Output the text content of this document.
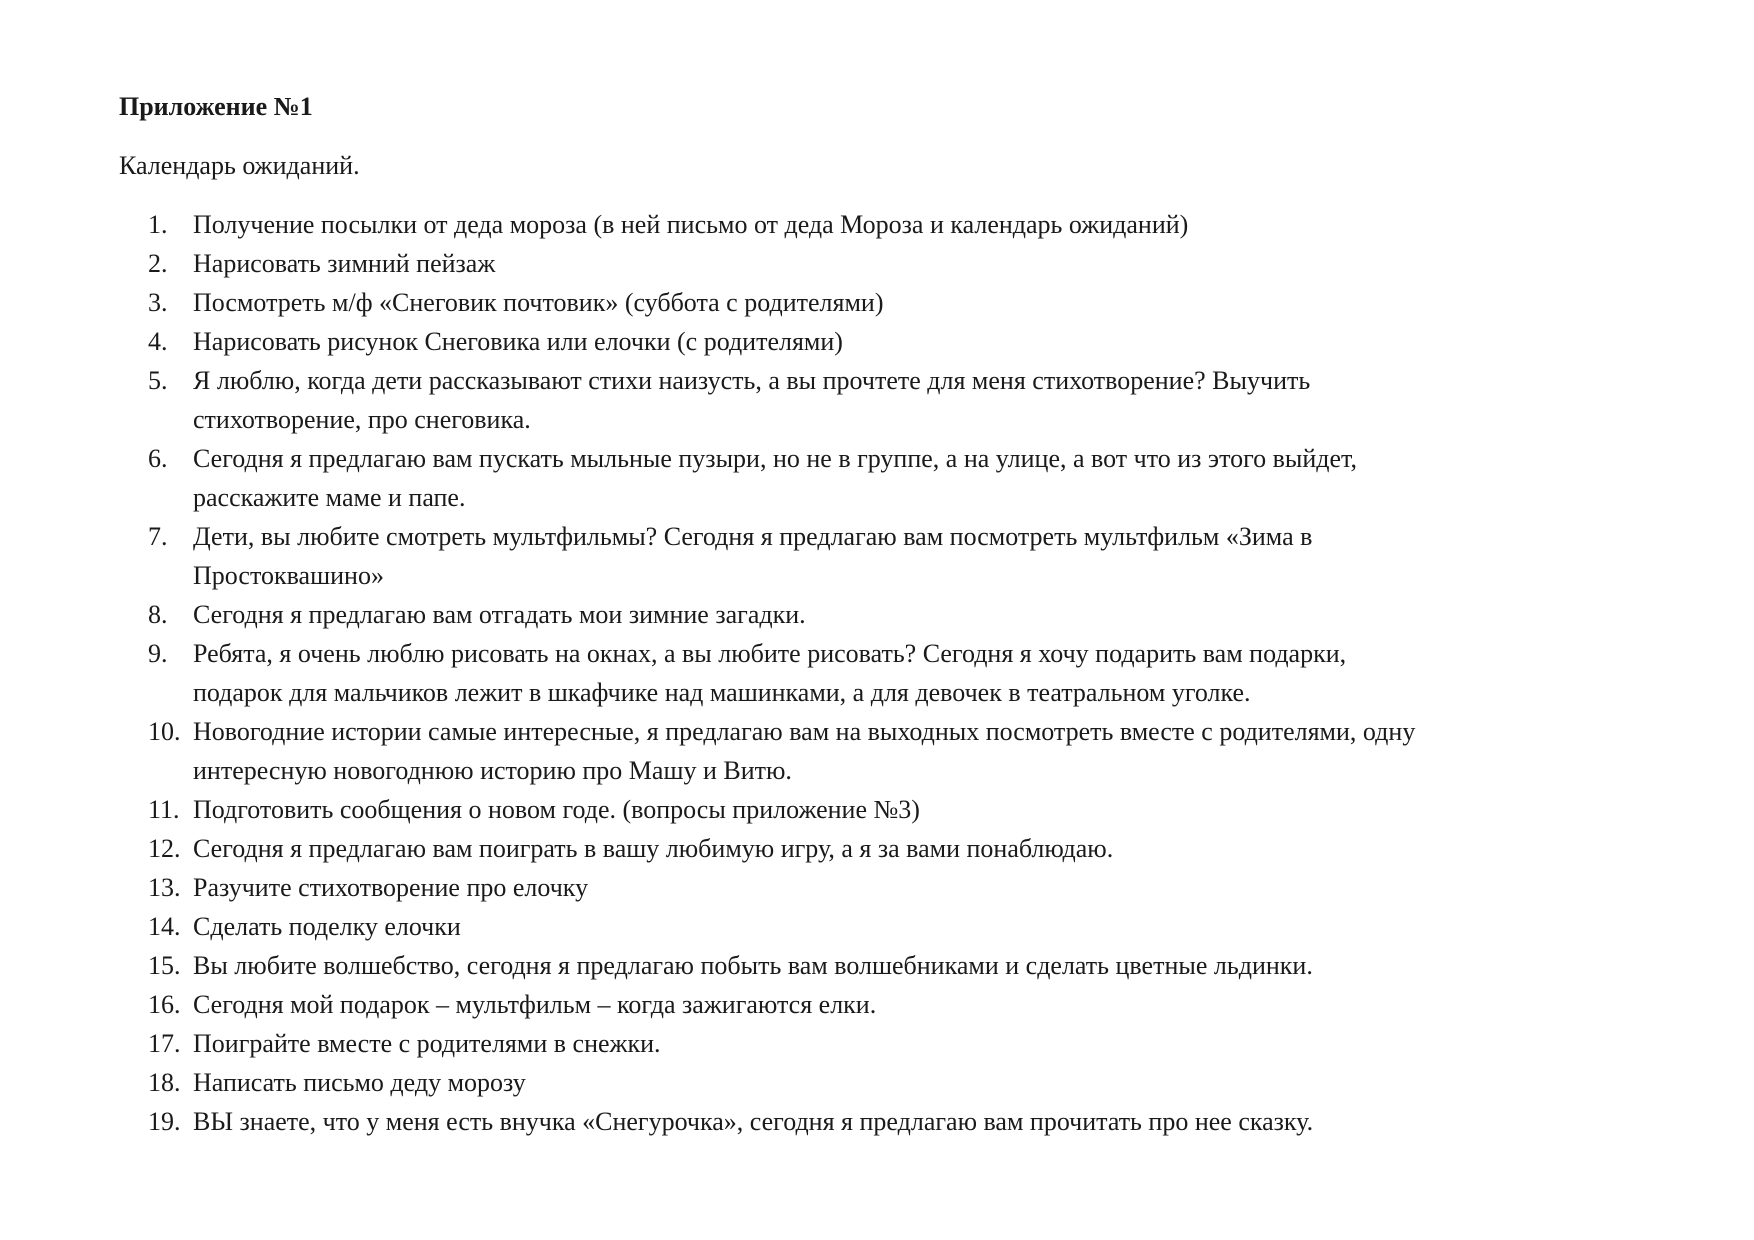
Приложение №1

Календарь ожиданий.

1. Получение посылки от деда мороза (в ней письмо от деда Мороза и календарь ожиданий)
2. Нарисовать зимний пейзаж
3. Посмотреть м/ф «Снеговик почтовик» (суббота с родителями)
4. Нарисовать рисунок Снеговика или елочки (с родителями)
5. Я люблю, когда дети рассказывают стихи наизусть, а вы прочтете для меня стихотворение? Выучить стихотворение, про снеговика.
6. Сегодня я предлагаю вам пускать мыльные пузыри, но не в группе, а на улице, а вот что из этого выйдет, расскажите маме и папе.
7. Дети, вы любите смотреть мультфильмы? Сегодня я предлагаю вам посмотреть мультфильм «Зима в Простоквашино»
8. Сегодня я предлагаю вам отгадать мои зимние загадки.
9. Ребята, я очень люблю рисовать на окнах, а вы любите рисовать? Сегодня я хочу подарить вам подарки, подарок для мальчиков лежит в шкафчике над машинками, а для девочек в театральном уголке.
10. Новогодние истории самые интересные, я предлагаю вам на выходных посмотреть вместе с родителями, одну интересную новогоднюю историю про Машу и Витю.
11. Подготовить сообщения о новом годе. (вопросы приложение №3)
12. Сегодня я предлагаю вам поиграть в вашу любимую игру, а я за вами понаблюдаю.
13. Разучите стихотворение про елочку
14. Сделать поделку елочки
15. Вы любите волшебство, сегодня я предлагаю побыть вам волшебниками и сделать цветные льдинки.
16. Сегодня мой подарок – мультфильм – когда зажигаются елки.
17. Поиграйте вместе с родителями в снежки.
18. Написать письмо деду морозу
19. ВЫ знаете, что у меня есть внучка «Снегурочка», сегодня я предлагаю вам прочитать про нее сказку.
